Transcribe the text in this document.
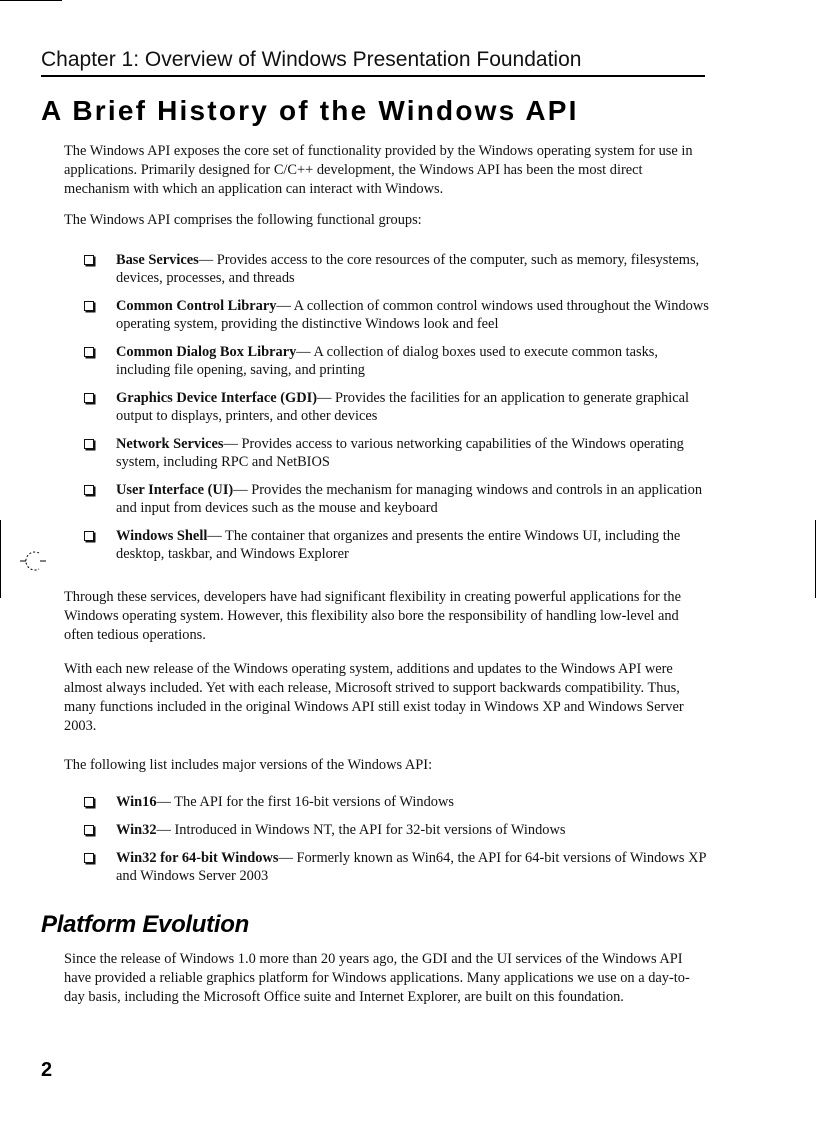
Chapter 1: Overview of Windows Presentation Foundation
A Brief History of the Windows API

The Windows API exposes the core set of functionality provided by the Windows operating system for use in applications. Primarily designed for C/C++ development, the Windows API has been the most direct mechanism with which an application can interact with Windows.

The Windows API comprises the following functional groups:

Base Services— Provides access to the core resources of the computer, such as memory, filesystems, devices, processes, and threads
Common Control Library— A collection of common control windows used throughout the Windows operating system, providing the distinctive Windows look and feel
Common Dialog Box Library— A collection of dialog boxes used to execute common tasks, including file opening, saving, and printing
Graphics Device Interface (GDI)— Provides the facilities for an application to generate graphical output to displays, printers, and other devices
Network Services— Provides access to various networking capabilities of the Windows operating system, including RPC and NetBIOS
User Interface (UI)— Provides the mechanism for managing windows and controls in an application and input from devices such as the mouse and keyboard
Windows Shell— The container that organizes and presents the entire Windows UI, including the desktop, taskbar, and Windows Explorer

Through these services, developers have had significant flexibility in creating powerful applications for the Windows operating system. However, this flexibility also bore the responsibility of handling low-level and often tedious operations.

With each new release of the Windows operating system, additions and updates to the Windows API were almost always included. Yet with each release, Microsoft strived to support backwards compatibility. Thus, many functions included in the original Windows API still exist today in Windows XP and Windows Server 2003.

The following list includes major versions of the Windows API:

Win16— The API for the first 16-bit versions of Windows
Win32— Introduced in Windows NT, the API for 32-bit versions of Windows
Win32 for 64-bit Windows— Formerly known as Win64, the API for 64-bit versions of Windows XP and Windows Server 2003
Platform Evolution

Since the release of Windows 1.0 more than 20 years ago, the GDI and the UI services of the Windows API have provided a reliable graphics platform for Windows applications. Many applications we use on a day-to-day basis, including the Microsoft Office suite and Internet Explorer, are built on this foundation.

2
